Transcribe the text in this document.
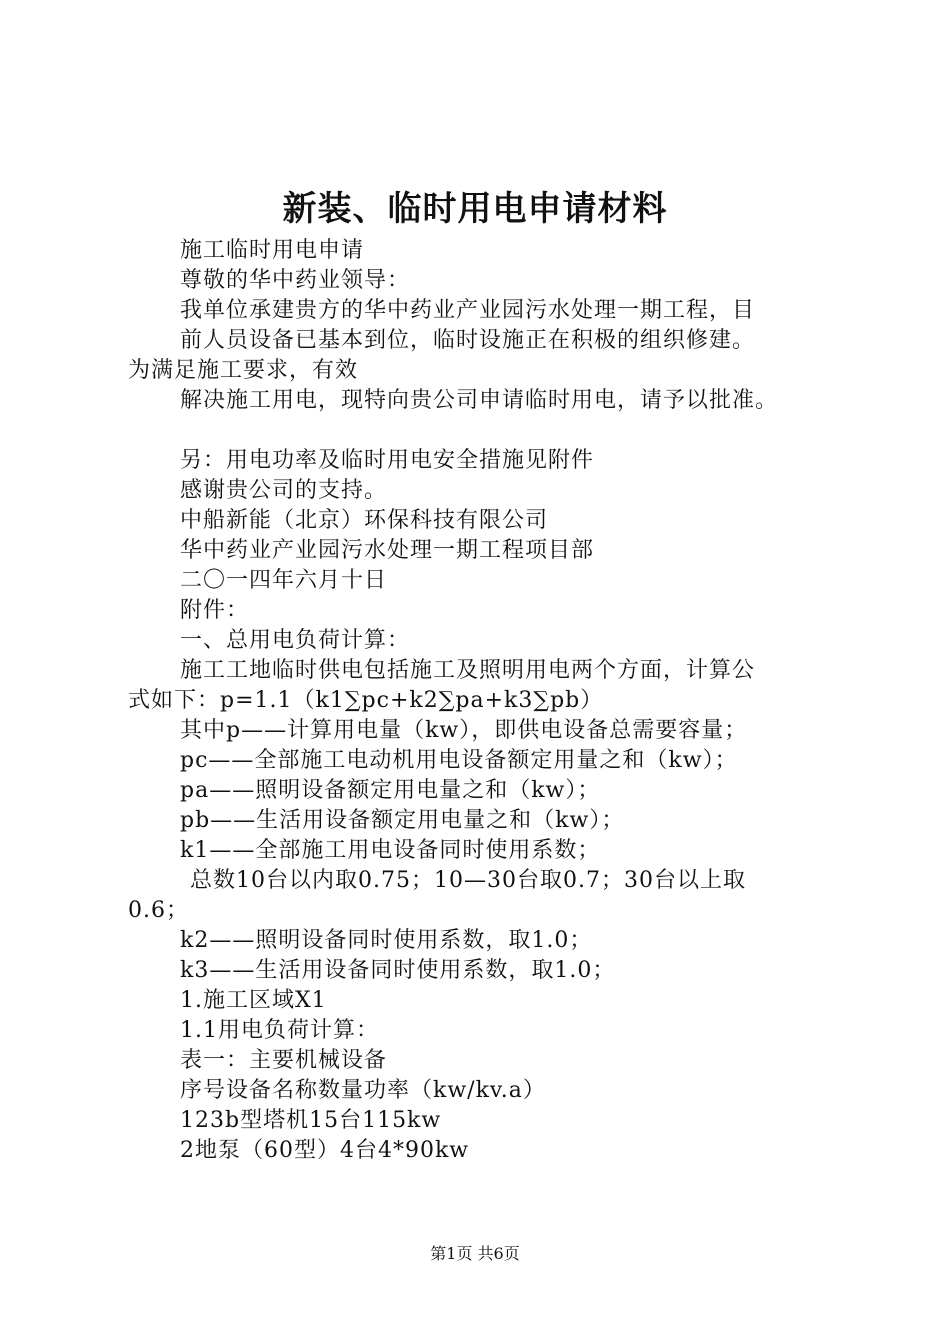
新装、临时用电申请材料
施工临时用电申请
尊敬的华中药业领导：
我单位承建贵方的华中药业产业园污水处理一期工程，目
前人员设备已基本到位，临时设施正在积极的组织修建。
为满足施工要求，有效
解决施工用电，现特向贵公司申请临时用电，请予以批准。
另：用电功率及临时用电安全措施见附件
感谢贵公司的支持。
中船新能（北京）环保科技有限公司
华中药业产业园污水处理一期工程项目部
二〇一四年六月十日
附件：
一、总用电负荷计算：
施工工地临时供电包括施工及照明用电两个方面，计算公
式如下：p=1.1（k1∑pc+k2∑pa+k3∑pb）
其中p——计算用电量（kw），即供电设备总需要容量；
pc——全部施工电动机用电设备额定用量之和（kw）；
pa——照明设备额定用电量之和（kw）；
pb——生活用设备额定用电量之和（kw）；
k1——全部施工用电设备同时使用系数；
总数10台以内取0.75；10—30台取0.7；30台以上取
0.6；
k2——照明设备同时使用系数，取1.0；
k3——生活用设备同时使用系数，取1.0；
1.施工区域X1
1.1用电负荷计算：
表一：主要机械设备
序号设备名称数量功率（kw/kv.a）
123b型塔机15台115kw
2地泵（60型）4台4*90kw
第1页 共6页
